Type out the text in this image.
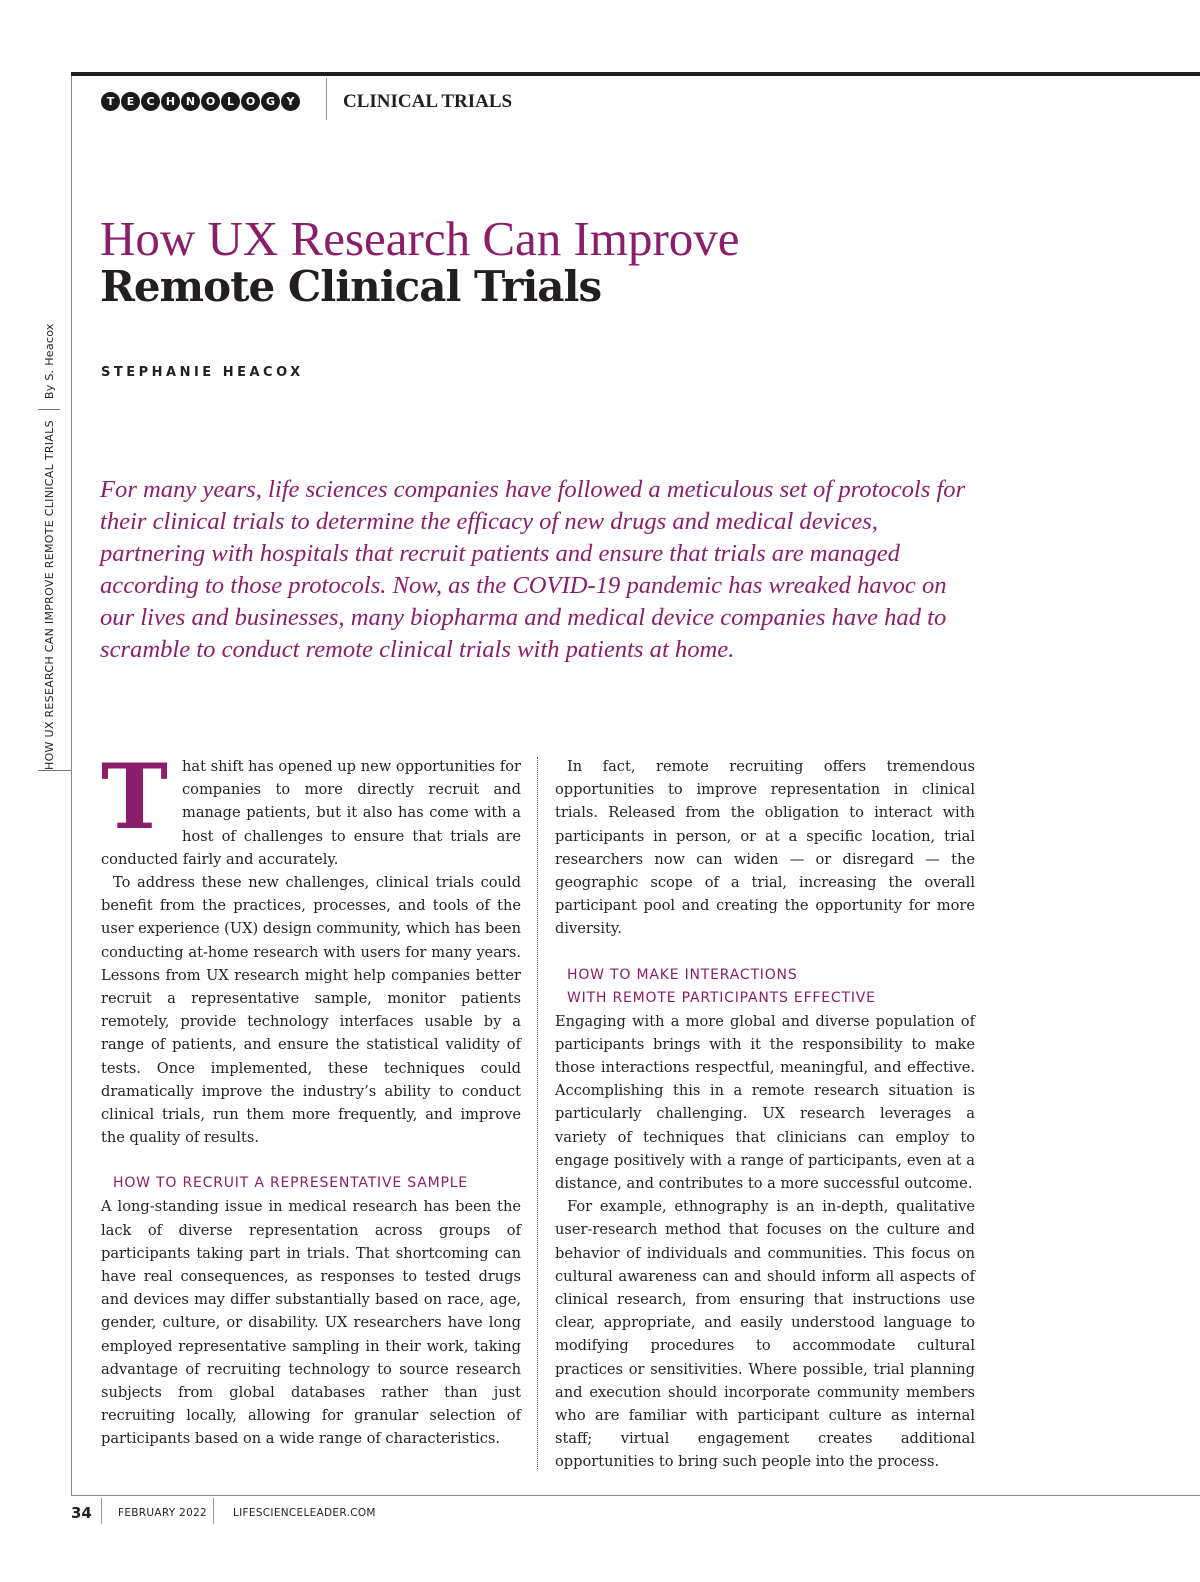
T	E	C	H N O	L	O G	Y	CLINICAL TRIALS
HOW UX RESEARCH CAN IMPROVE REMOTE CLINICAL TRIALS
By S. Heacox
How UX Research Can Improve
Remote Clinical Trials
STEPHANIE HEACOX
For many years, life sciences companies have followed a meticulous set of protocols for their clinical trials to determine the efficacy of new drugs and medical devices, partnering with hospitals that recruit patients and ensure that trials are managed according to those protocols. Now, as the COVID-19 pandemic has wreaked havoc on our lives and businesses, many biopharma and medical device companies have had to scramble to conduct remote clinical trials with patients at home.
T hat shift has opened up new opportunities for companies to more directly recruit and manage patients, but it also has come with a host of challenges to ensure that trials are conducted fairly and accurately.

To address these new challenges, clinical trials could benefit from the practices, processes, and tools of the user experience (UX) design community, which has been conducting at-home research with users for many years. Lessons from UX research might help companies better recruit a representative sample, monitor patients remotely, provide technology interfaces usable by a range of patients, and ensure the statistical validity of tests. Once implemented, these techniques could dramatically improve the industry’s ability to conduct clinical trials, run them more frequently, and improve the quality of results.

HOW TO RECRUIT A REPRESENTATIVE SAMPLE

A long-standing issue in medical research has been the lack of diverse representation across groups of participants taking part in trials. That shortcoming can have real consequences, as responses to tested drugs and devices may differ substantially based on race, age, gender, culture, or disability. UX researchers have long employed representative sampling in their work, taking advantage of recruiting technology to source research subjects from global databases rather than just recruiting locally, allowing for granular selection of participants based on a wide range of characteristics.

In fact, remote recruiting offers tremendous opportunities to improve representation in clinical trials. Released from the obligation to interact with participants in person, or at a specific location, trial researchers now can widen — or disregard — the geographic scope of a trial, increasing the overall participant pool and creating the opportunity for more diversity.

HOW TO MAKE INTERACTIONS

WITH REMOTE PARTICIPANTS EFFECTIVE

Engaging with a more global and diverse population of participants brings with it the responsibility to make those interactions respectful, meaningful, and effective. Accomplishing this in a remote research situation is particularly challenging. UX research leverages a variety of techniques that clinicians can employ to engage positively with a range of participants, even at a distance, and contributes to a more successful outcome.

For example, ethnography is an in-depth, qualitative user-research method that focuses on the culture and behavior of individuals and communities. This focus on cultural awareness can and should inform all aspects of clinical research, from ensuring that instructions use clear, appropriate, and easily understood language to modifying procedures to accommodate cultural practices or sensitivities. Where possible, trial planning and execution should incorporate community members who are familiar with participant culture as internal staff; virtual engagement creates additional opportunities to bring such people into the process.

34 FEBRUARY 2022 LIFESCIENCELEADER.COM
